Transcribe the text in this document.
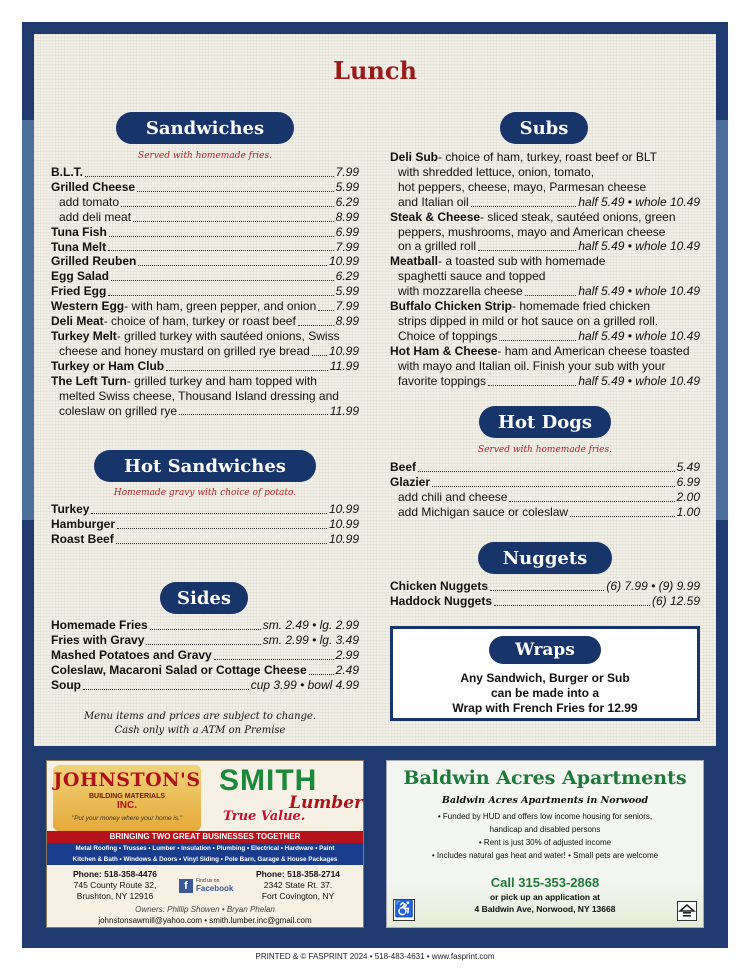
Lunch
Sandwiches
Served with homemade fries.
B.L.T.	7.99
Grilled Cheese	5.99
add tomato	6.29
add deli meat	8.99
Tuna Fish	6.99
Tuna Melt	7.99
Grilled Reuben	10.99
Egg Salad	6.29
Fried Egg	5.99
Western Egg - with ham, green pepper, and onion 7.99
Deli Meat - choice of ham, turkey or roast beef	8.99
Turkey Melt - grilled turkey with sautéed onions, Swiss
cheese and honey mustard on grilled rye bread 10.99
Turkey or Ham Club	11.99
The Left Turn - grilled turkey and ham topped with
melted Swiss cheese, Thousand Island dressing and
coleslaw on grilled rye	11.99
Hot Sandwiches
Homemade gravy with choice of potato.
Turkey	10.99
Hamburger	10.99
Roast Beef	10.99
Sides
Homemade Fries	sm. 2.49 • lg. 2.99
Fries with Gravy	sm. 2.99 • lg. 3.49
Mashed Potatoes and Gravy	2.99
Coleslaw, Macaroni Salad or Cottage Cheese 2.49
Soup	cup 3.99 • bowl 4.99
Menu items and prices are subject to change.
Cash only with a ATM on Premise
Subs
Deli Sub - choice of ham, turkey, roast beef or BLT
with shredded lettuce, onion, tomato,
hot peppers, cheese, mayo, Parmesan cheese
and Italian oil	half 5.49 • whole 10.49
Steak & Cheese - sliced steak, sautéed onions, green
peppers, mushrooms, mayo and American cheese
on a grilled roll	half 5.49 • whole 10.49
Meatball - a toasted sub with homemade
spaghetti sauce and topped
with mozzarella cheese	half 5.49 • whole 10.49
Buffalo Chicken Strip - homemade fried chicken
strips dipped in mild or hot sauce on a grilled roll.
Choice of toppings	half 5.49 • whole 10.49
Hot Ham & Cheese - ham and American cheese toasted
with mayo and Italian oil. Finish your sub with your
favorite toppings	half 5.49 • whole 10.49
Hot Dogs
Served with homemade fries.
Beef	5.49
Glazier	6.99
add chili and cheese	2.00
add Michigan sauce or coleslaw	1.00
Nuggets
Chicken Nuggets	(6) 7.99 • (9) 9.99
Haddock Nuggets	(6) 12.59
Wraps
Any Sandwich, Burger or Sub
can be made into a
Wrap with French Fries for 12.99
JOHNSTON'S
BUILDING MATERIALS
INC.
"Put your money where your home is."
SMITH
Lumber
True Value.
BRINGING TWO GREAT BUSINESSES TOGETHER
Metal Roofing • Trusses • Lumber • Insulation • Plumbing • Electrical • Hardware • Paint
Kitchen & Bath • Windows & Doors • Vinyl Siding • Pole Barn, Garage & House Packages
Phone: 518-358-4476
745 County Route 32,
Brushton, NY 12916
f	Find us on
Facebook
Phone: 518-358-2714
2342 State Rt. 37.
Fort Covington, NY
Owners: Phillip Showen • Bryan Phelan
johnstonsawmill@yahoo.com • smith.lumber.inc@gmail.com
Baldwin Acres Apartments
Baldwin Acres Apartments in Norwood
• Funded by HUD and offers low income housing for seniors,
handicap and disabled persons
• Rent is just 30% of adjusted income
• Includes natural gas heat and water! • Small pets are welcome
Call 315-353-2868
or pick up an application at
4 Baldwin Ave, Norwood, NY 13668
♿
PRINTED & © FASPRINT 2024 • 518-483-4631 • www.fasprint.com
